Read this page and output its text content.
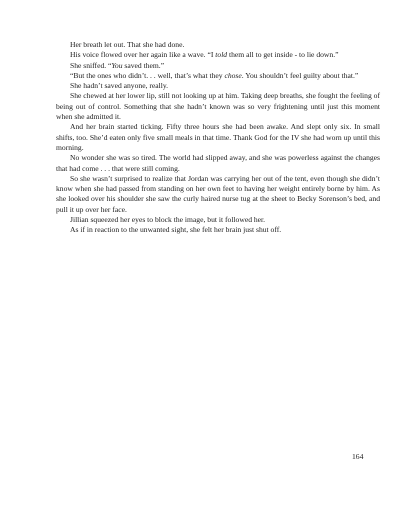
Her breath let out. That she had done.

His voice flowed over her again like a wave. “I told them all to get inside - to lie down.”

She sniffed. “You saved them.”

“But the ones who didn’t. . . well, that’s what they chose. You shouldn’t feel guilty about that.”

She hadn’t saved anyone, really.

She chewed at her lower lip, still not looking up at him. Taking deep breaths, she fought the feeling of being out of control. Something that she hadn’t known was so very frightening until just this moment when she admitted it.

And her brain started ticking. Fifty three hours she had been awake. And slept only six. In small shifts, too. She’d eaten only five small meals in that time. Thank God for the IV she had worn up until this morning.

No wonder she was so tired. The world had slipped away, and she was powerless against the changes that had come . . . that were still coming.

So she wasn’t surprised to realize that Jordan was carrying her out of the tent, even though she didn’t know when she had passed from standing on her own feet to having her weight entirely borne by him. As she looked over his shoulder she saw the curly haired nurse tug at the sheet to Becky Sorenson’s bed, and pull it up over her face.

Jillian squeezed her eyes to block the image, but it followed her.

As if in reaction to the unwanted sight, she felt her brain just shut off.

164
